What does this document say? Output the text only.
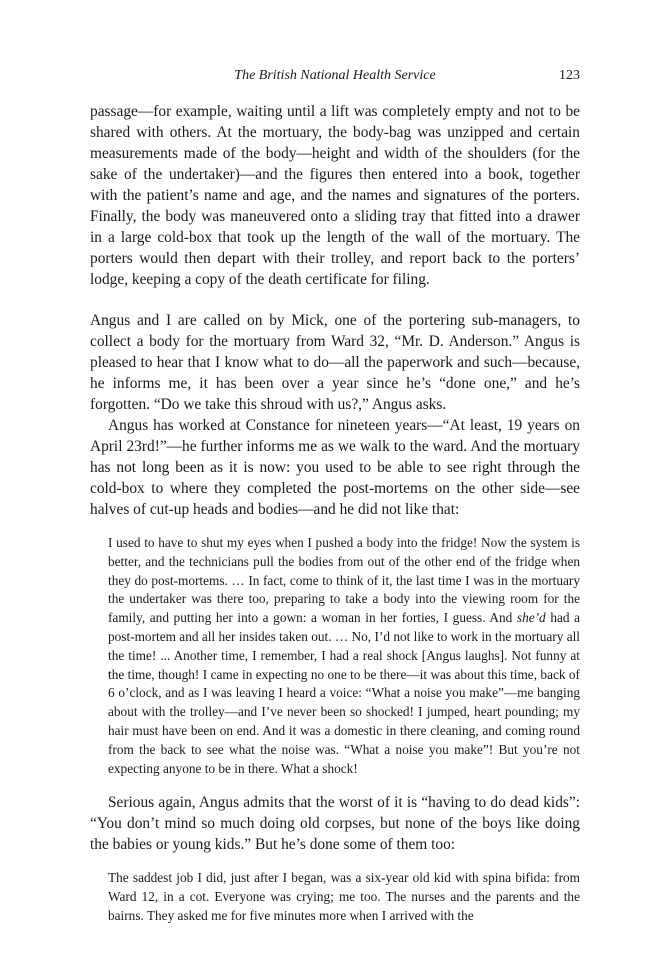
The British National Health Service	123

passage—for example, waiting until a lift was completely empty and not to be shared with others. At the mortuary, the body-bag was unzipped and certain measurements made of the body—height and width of the shoulders (for the sake of the undertaker)—and the figures then entered into a book, together with the patient’s name and age, and the names and signatures of the porters. Finally, the body was maneuvered onto a sliding tray that fitted into a drawer in a large cold-box that took up the length of the wall of the mortuary. The porters would then depart with their trolley, and report back to the porters’ lodge, keeping a copy of the death certificate for filing.

Angus and I are called on by Mick, one of the portering sub-managers, to collect a body for the mortuary from Ward 32, “Mr. D. Anderson.” Angus is pleased to hear that I know what to do—all the paperwork and such—because, he informs me, it has been over a year since he’s “done one,” and he’s forgotten. “Do we take this shroud with us?,” Angus asks.

Angus has worked at Constance for nineteen years—“At least, 19 years on April 23rd!”—he further informs me as we walk to the ward. And the mortuary has not long been as it is now: you used to be able to see right through the cold-box to where they completed the post-mortems on the other side—see halves of cut-up heads and bodies—and he did not like that:

I used to have to shut my eyes when I pushed a body into the fridge! Now the system is better, and the technicians pull the bodies from out of the other end of the fridge when they do post-mortems. … In fact, come to think of it, the last time I was in the mortuary the undertaker was there too, preparing to take a body into the viewing room for the family, and putting her into a gown: a woman in her forties, I guess. And she’d had a post-mortem and all her insides taken out. … No, I’d not like to work in the mortuary all the time! ... Another time, I remember, I had a real shock [Angus laughs]. Not funny at the time, though! I came in expecting no one to be there—it was about this time, back of 6 o’clock, and as I was leaving I heard a voice: “What a noise you make”—me banging about with the trolley—and I’ve never been so shocked! I jumped, heart pounding; my hair must have been on end. And it was a domestic in there cleaning, and coming round from the back to see what the noise was. “What a noise you make”! But you’re not expecting anyone to be in there. What a shock!

Serious again, Angus admits that the worst of it is “having to do dead kids”: “You don’t mind so much doing old corpses, but none of the boys like doing the babies or young kids.” But he’s done some of them too:

The saddest job I did, just after I began, was a six-year old kid with spina bifida: from Ward 12, in a cot. Everyone was crying; me too. The nurses and the parents and the bairns. They asked me for five minutes more when I arrived with the
